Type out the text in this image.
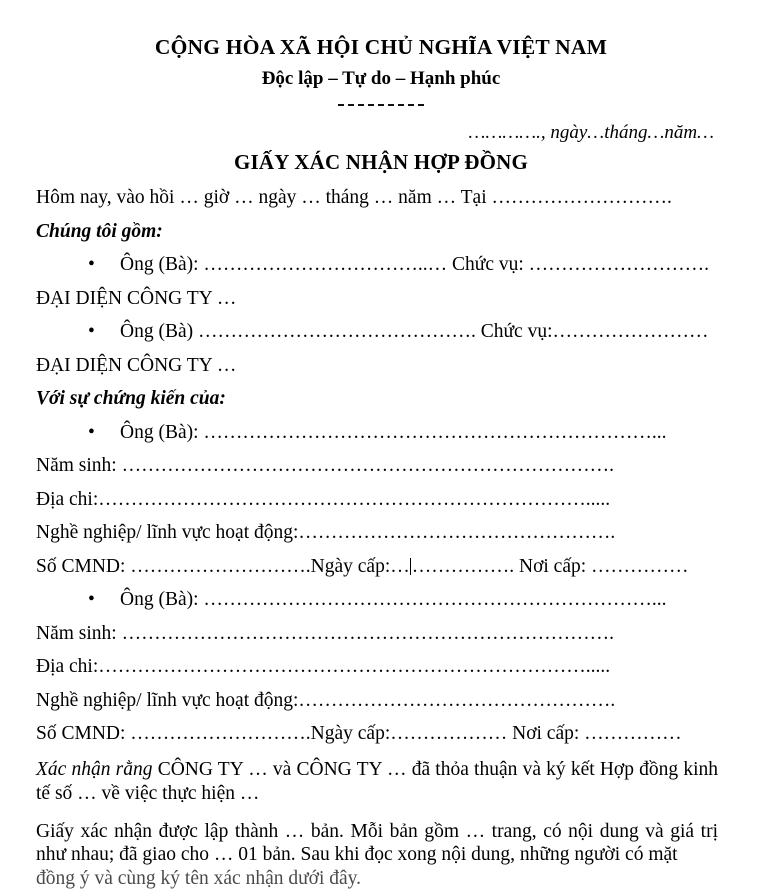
CỘNG HÒA XÃ HỘI CHỦ NGHĨA VIỆT NAM
Độc lập – Tự do – Hạnh phúc
…………., ngày…tháng…năm…
GIẤY XÁC NHẬN HỢP ĐỒNG
Hôm nay, vào hồi … giờ … ngày … tháng … năm … Tại ……………………….
Chúng tôi gồm:
• Ông (Bà): ……………………………..… Chức vụ: ……………………….
ĐẠI DIỆN CÔNG TY …
• Ông (Bà) ……………………………………. Chức vụ:……………………
ĐẠI DIỆN CÔNG TY …
Với sự chứng kiến của:
• Ông (Bà): ……………………………………………………………...
Năm sinh: ………………………………………………………………….
Địa chi:………………………………………………………………….....
Nghề nghiệp/ lĩnh vực hoạt động:………………………………………….
Số CMND: ……………………….Ngày cấp:… ……………. Nơi cấp: ……………
• Ông (Bà): ……………………………………………………………...
Năm sinh: ………………………………………………………………….
Địa chi:………………………………………………………………….....
Nghề nghiệp/ lĩnh vực hoạt động:………………………………………….
Số CMND: ……………………….Ngày cấp:……………… Nơi cấp: ……………
Xác nhận rằng CÔNG TY … và CÔNG TY … đã thỏa thuận và ký kết Hợp đồng kinh tế số … về việc thực hiện …
Giấy xác nhận được lập thành … bản. Mỗi bản gồm … trang, có nội dung và giá trị như nhau; đã giao cho … 01 bản. Sau khi đọc xong nội dung, những người có mặt
đồng ý và cùng ký tên xác nhận dưới đây.
